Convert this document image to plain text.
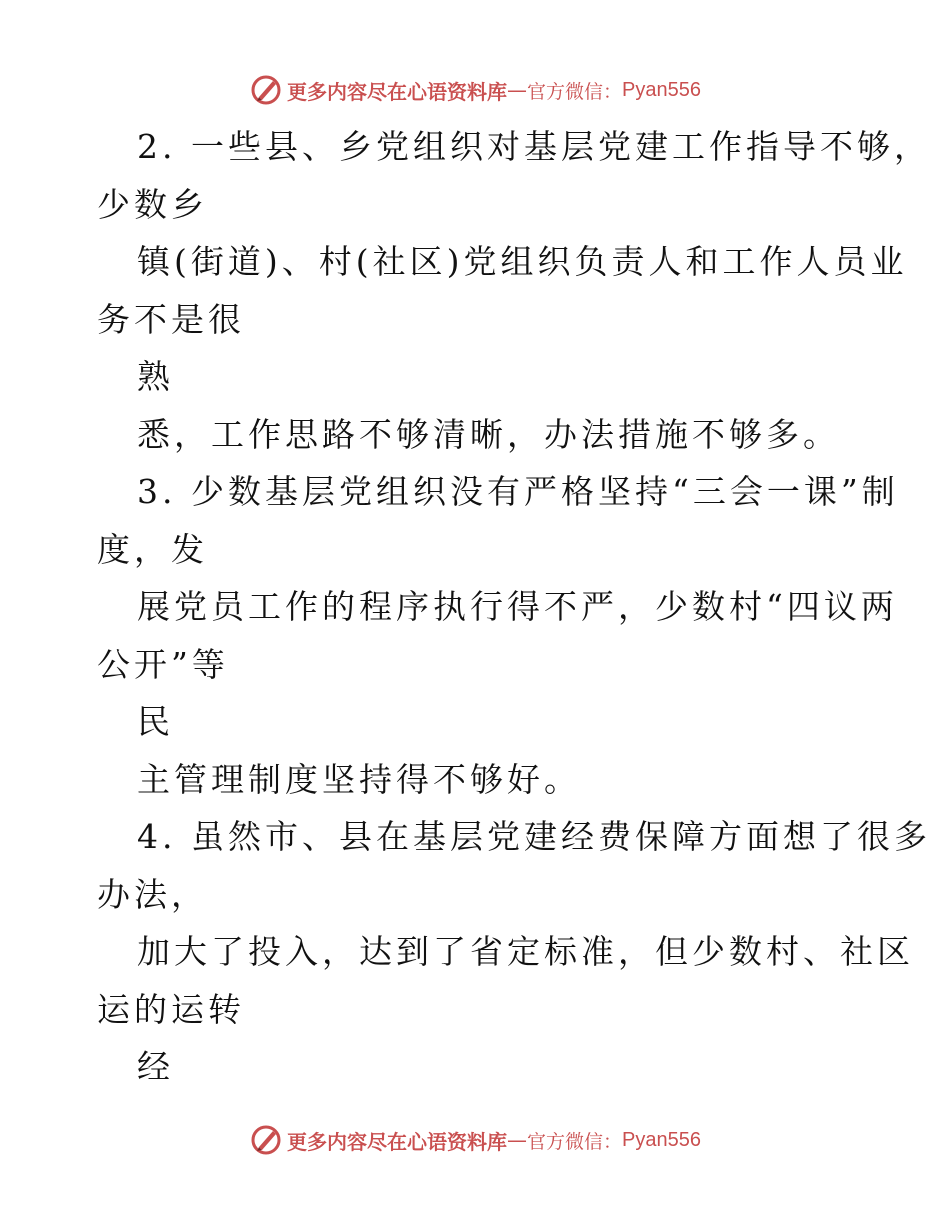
更多内容尽在心语资料库 — 官方微信： Pyan556
2. 一些县、乡党组织对基层党建工作指导不够，
少数乡
镇(街道)、村(社区)党组织负责人和工作人员业
务不是很
熟
悉，工作思路不够清晰，办法措施不够多。
3. 少数基层党组织没有严格坚持“三会一课”制
度，发
展党员工作的程序执行得不严，少数村“四议两
公开”等
民
主管理制度坚持得不够好。
4. 虽然市、县在基层党建经费保障方面想了很多
办法，
加大了投入，达到了省定标准，但少数村、社区
运的运转
经
更多内容尽在心语资料库 — 官方微信： Pyan556
